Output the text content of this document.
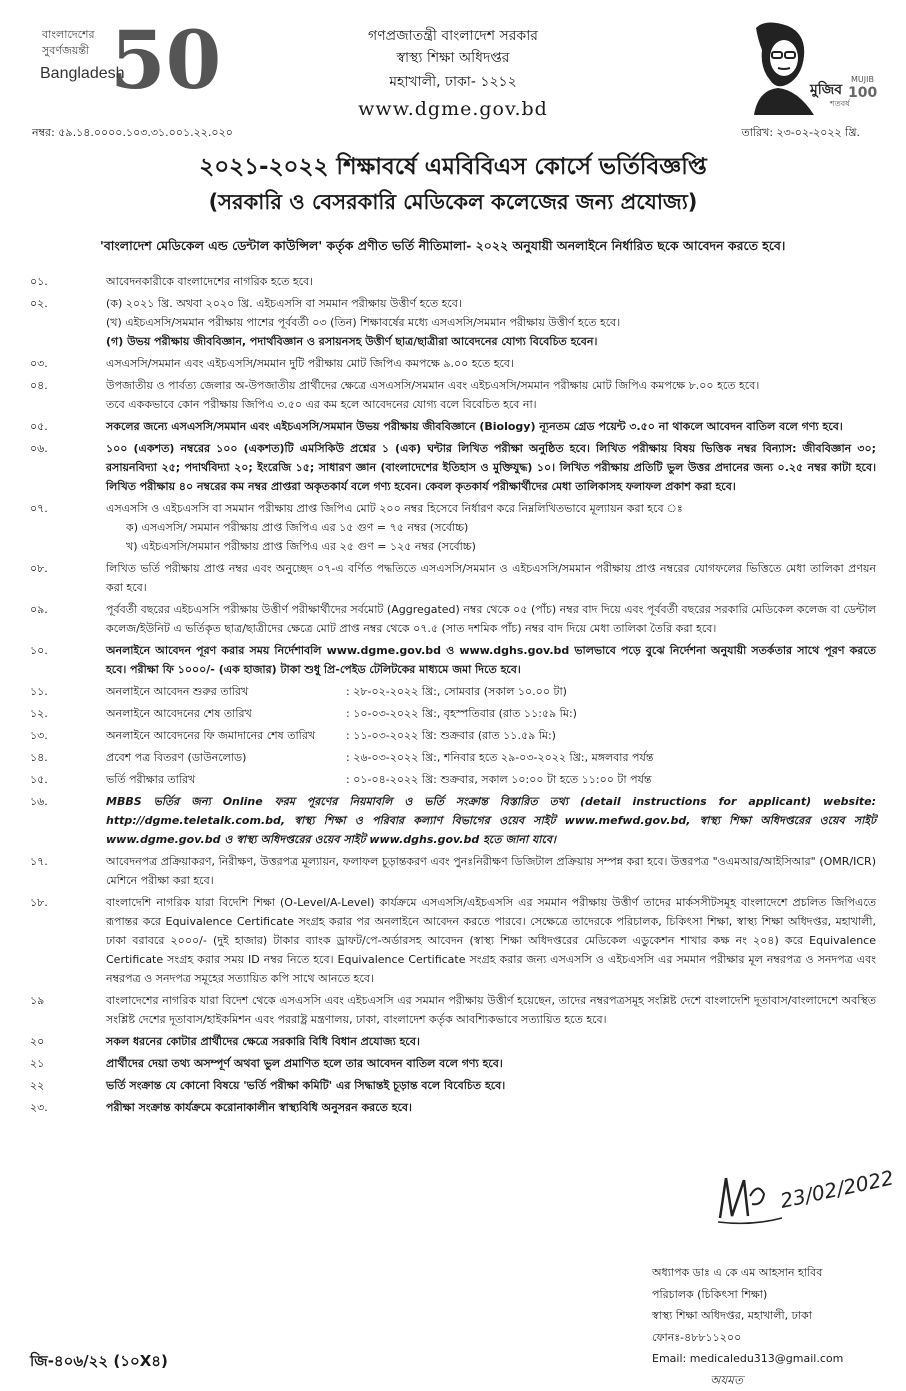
বাংলাদেশের
সুবর্ণজয়ন্তী 50
Bangladesh
মুজিব
MUJIB
100
শতবর্ষ
গণপ্রজাতন্ত্রী বাংলাদেশ সরকার
স্বাস্থ্য শিক্ষা অধিদপ্তর
মহাখালী, ঢাকা- ১২১২
www.dgme.gov.bd
নম্বর: ৫৯.১৪.০০০০.১০৩.৩১.০০১.২২.০২০	তারিখ: ২৩-০২-২০২২ খ্রি.
২০২১-২০২২ শিক্ষাবর্ষে এমবিবিএস কোর্সে ভর্তিবিজ্ঞপ্তি
(সরকারি ও বেসরকারি মেডিকেল কলেজের জন্য প্রযোজ্য)
'বাংলাদেশ মেডিকেল এন্ড ডেন্টাল কাউন্সিল' কর্তৃক প্রণীত ভর্তি নীতিমালা- ২০২২ অনুযায়ী অনলাইনে নির্ধারিত ছকে আবেদন করতে হবে।
০১.	আবেদনকারীকে বাংলাদেশের নাগরিক হতে হবে।
০২.	(ক) ২০২১ খ্রি. অথবা ২০২০ খ্রি. এইচএসসি বা সমমান পরীক্ষায় উত্তীর্ণ হতে হবে।
(খ) এইচএসসি/সমমান পরীক্ষায় পাশের পূর্ববর্তী ০৩ (তিন) শিক্ষাবর্ষের মধ্যে এসএসসি/সমমান পরীক্ষায় উত্তীর্ণ হতে হবে।
(গ) উভয় পরীক্ষায় জীববিজ্ঞান, পদার্থবিজ্ঞান ও রসায়নসহ উত্তীর্ণ ছাত্র/ছাত্রীরা আবেদনের যোগ্য বিবেচিত হবেন।
০৩.	এসএসসি/সমমান এবং এইচএসসি/সমমান দুটি পরীক্ষায় মোট জিপিএ কমপক্ষে ৯.০০ হতে হবে।
০৪.	উপজাতীয় ও পার্বত্য জেলার অ-উপজাতীয় প্রার্থীদের ক্ষেত্রে এসএসসি/সমমান এবং এইচএসসি/সমমান পরীক্ষায় মোট জিপিএ কমপক্ষে ৮.০০ হতে হবে।
তবে এককভাবে কোন পরীক্ষায় জিপিএ ৩.৫০ এর কম হলে আবেদনের যোগ্য বলে বিবেচিত হবে না।
০৫.	সকলের জন্যে এসএসসি/সমমান এবং এইচএসসি/সমমান উভয় পরীক্ষায় জীববিজ্ঞানে (Biology) ন্যূনতম গ্রেড পয়েন্ট ৩.৫০ না থাকলে আবেদন বাতিল বলে গণ্য হবে।
০৬.	১০০ (একশত) নম্বরের ১০০ (একশত)টি এমসিকিউ প্রশ্নের ১ (এক) ঘন্টার লিখিত পরীক্ষা অনুষ্ঠিত হবে। লিখিত পরীক্ষায় বিষয় ভিত্তিক নম্বর বিন্যাস: জীববিজ্ঞান ৩০; রসায়নবিদ্যা ২৫; পদার্থবিদ্যা ২০; ইংরেজি ১৫; সাধারণ জ্ঞান (বাংলাদেশের ইতিহাস ও মুক্তিযুদ্ধ) ১০। লিখিত পরীক্ষায় প্রতিটি ভুল উত্তর প্রদানের জন্য ০.২৫ নম্বর কাটা হবে। লিখিত পরীক্ষায় ৪০ নম্বরের কম নম্বর প্রাপ্তরা অকৃতকার্য বলে গণ্য হবেন। কেবল কৃতকার্য পরীক্ষার্থীদের মেধা তালিকাসহ ফলাফল প্রকাশ করা হবে।
০৭.	এসএসসি ও এইচএসসি বা সমমান পরীক্ষায় প্রাপ্ত জিপিএ মোট ২০০ নম্বর হিসেবে নির্ধারণ করে নিম্নলিখিতভাবে মূল্যায়ন করা হবে ঃ
ক) এসএসসি/ সমমান পরীক্ষায় প্রাপ্ত জিপিএ এর ১৫ গুণ = ৭৫ নম্বর (সর্বোচ্চ)
খ) এইচএসসি/সমমান পরীক্ষায় প্রাপ্ত জিপিএ এর ২৫ গুণ = ১২৫ নম্বর (সর্বোচ্চ)
০৮.	লিখিত ভর্তি পরীক্ষায় প্রাপ্ত নম্বর এবং অনুচ্ছেদ ০৭-এ বর্ণিত পদ্ধতিতে এসএসসি/সমমান ও এইচএসসি/সমমান পরীক্ষায় প্রাপ্ত নম্বরের যোগফলের ভিত্তিতে মেধা তালিকা প্রণয়ন করা হবে।
০৯.	পূর্ববর্তী বছরের এইচএসসি পরীক্ষায় উত্তীর্ণ পরীক্ষার্থীদের সর্বমোট (Aggregated) নম্বর থেকে ০৫ (পাঁচ) নম্বর বাদ দিয়ে এবং পূর্ববর্তী বছরের সরকারি মেডিকেল কলেজ বা ডেন্টাল কলেজ/ইউনিট এ ভর্তিকৃত ছাত্র/ছাত্রীদের ক্ষেত্রে মোট প্রাপ্ত নম্বর থেকে ০৭.৫ (সাত দশমিক পাঁচ) নম্বর বাদ দিয়ে মেধা তালিকা তৈরি করা হবে।
১০.	অনলাইনে আবেদন পূরণ করার সময় নির্দেশাবলি www.dgme.gov.bd ও www.dghs.gov.bd ভালভাবে পড়ে বুঝে নির্দেশনা অনুযায়ী সতর্কতার সাথে পূরণ করতে হবে। পরীক্ষা ফি ১০০০/- (এক হাজার) টাকা শুধু প্রি-পেইড টেলিটকের মাধ্যমে জমা দিতে হবে।
১১.	অনলাইনে আবেদন শুরুর তারিখ	: ২৮-০২-২০২২ খ্রি:, সোমবার (সকাল ১০.০০ টা)
১২.	অনলাইনে আবেদনের শেষ তারিখ	: ১০-০৩-২০২২ খ্রি:, বৃহস্পতিবার (রাত ১১:৫৯ মি:)
১৩.	অনলাইনে আবেদনের ফি জমাদানের শেষ তারিখ	: ১১-০৩-২০২২ খ্রি: শুক্রবার (রাত ১১.৫৯ মি:)
১৪.	প্রবেশ পত্র বিতরণ (ডাউনলোড)	: ২৬-০৩-২০২২ খ্রি:, শনিবার হতে ২৯-০৩-২০২২ খ্রি:, মঙ্গলবার পর্যন্ত
১৫.	ভর্তি পরীক্ষার তারিখ	: ০১-০৪-২০২২ খ্রি: শুক্রবার, সকাল ১০:০০ টা হতে ১১:০০ টা পর্যন্ত
১৬.	MBBS ভর্তির জন্য Online ফরম পূরণের নিয়মাবলি ও ভর্তি সংক্রান্ত বিস্তারিত তথ্য (detail instructions for applicant) website: http://dgme.teletalk.com.bd, স্বাস্থ্য শিক্ষা ও পরিবার কল্যাণ বিভাগের ওয়েব সাইট www.mefwd.gov.bd, স্বাস্থ্য শিক্ষা অধিদপ্তরের ওয়েব সাইট www.dgme.gov.bd ও স্বাস্থ্য অধিদপ্তরের ওয়েব সাইট www.dghs.gov.bd হতে জানা যাবে।
১৭.	আবেদনপত্র প্রক্রিয়াকরণ, নিরীক্ষণ, উত্তরপত্র মূল্যায়ন, ফলাফল চূড়ান্তকরণ এবং পুনঃনিরীক্ষণ ডিজিটাল প্রক্রিয়ায় সম্পন্ন করা হবে। উত্তরপত্র "ওএমআর/আইসিআর" (OMR/ICR) মেশিনে পরীক্ষা করা হবে।
১৮.	বাংলাদেশি নাগরিক যারা বিদেশি শিক্ষা (O-Level/A-Level) কার্যক্রমে এসএসসি/এইচএসসি এর সমমান পরীক্ষায় উত্তীর্ণ তাদের মার্কসসীটসমূহ বাংলাদেশে প্রচলিত জিপিএতে রূপান্তর করে Equivalence Certificate সংগ্রহ করার পর অনলাইনে আবেদন করতে পারবে। সেক্ষেত্রে তাদেরকে পরিচালক, চিকিৎসা শিক্ষা, স্বাস্থ্য শিক্ষা অধিদপ্তর, মহাখালী, ঢাকা বরাবরে ২০০০/- (দুই হাজার) টাকার ব্যাংক ড্রাফট/পে-অর্ডারসহ আবেদন (স্বাস্থ্য শিক্ষা অধিদপ্তরের মেডিকেল এডুকেশন শাখার কক্ষ নং ২০৪) করে Equivalence Certificate সংগ্রহ করার সময় ID নম্বর নিতে হবে। Equivalence Certificate সংগ্রহ করার জন্য এসএসসি ও এইচএসসি এর সমমান পরীক্ষার মূল নম্বরপত্র ও সনদপত্র এবং নম্বরপত্র ও সনদপত্র সমূহের সত্যায়িত কপি সাথে আনতে হবে।
১৯	বাংলাদেশের নাগরিক যারা বিদেশ থেকে এসএসসি এবং এইচএসসি এর সমমান পরীক্ষায় উত্তীর্ণ হয়েছেন, তাদের নম্বরপত্রসমূহ সংশ্লিষ্ট দেশে বাংলাদেশি দূতাবাস/বাংলাদেশে অবস্থিত সংশ্লিষ্ট দেশের দূতাবাস/হাইকমিশন এবং পররাষ্ট্র মন্ত্রণালয়, ঢাকা, বাংলাদেশ কর্তৃক আবশ্যিকভাবে সত্যায়িত হতে হবে।
২০	সকল ধরনের কোটার প্রার্থীদের ক্ষেত্রে সরকারি বিধি বিধান প্রযোজ্য হবে।
২১	প্রার্থীদের দেয়া তথ্য অসম্পূর্ণ অথবা ভুল প্রমাণিত হলে তার আবেদন বাতিল বলে গণ্য হবে।
২২	ভর্তি সংক্রান্ত যে কোনো বিষয়ে 'ভর্তি পরীক্ষা কমিটি' এর সিদ্ধান্তই চূড়ান্ত বলে বিবেচিত হবে।
২৩.	পরীক্ষা সংক্রান্ত কার্যক্রমে করোনাকালীন স্বাস্থ্যবিধি অনুসরন করতে হবে।
23/02/2022
অধ্যাপক ডাঃ এ কে এম আহসান হাবিব
পরিচালক (চিকিৎসা শিক্ষা)
স্বাস্থ্য শিক্ষা অধিদপ্তর, মহাখালী, ঢাকা
ফোনঃ-৪৮৮১১২০০
Email: medicaledu313@gmail.com
অযমত
জি-৪০৬/২২ (১০X৪)
